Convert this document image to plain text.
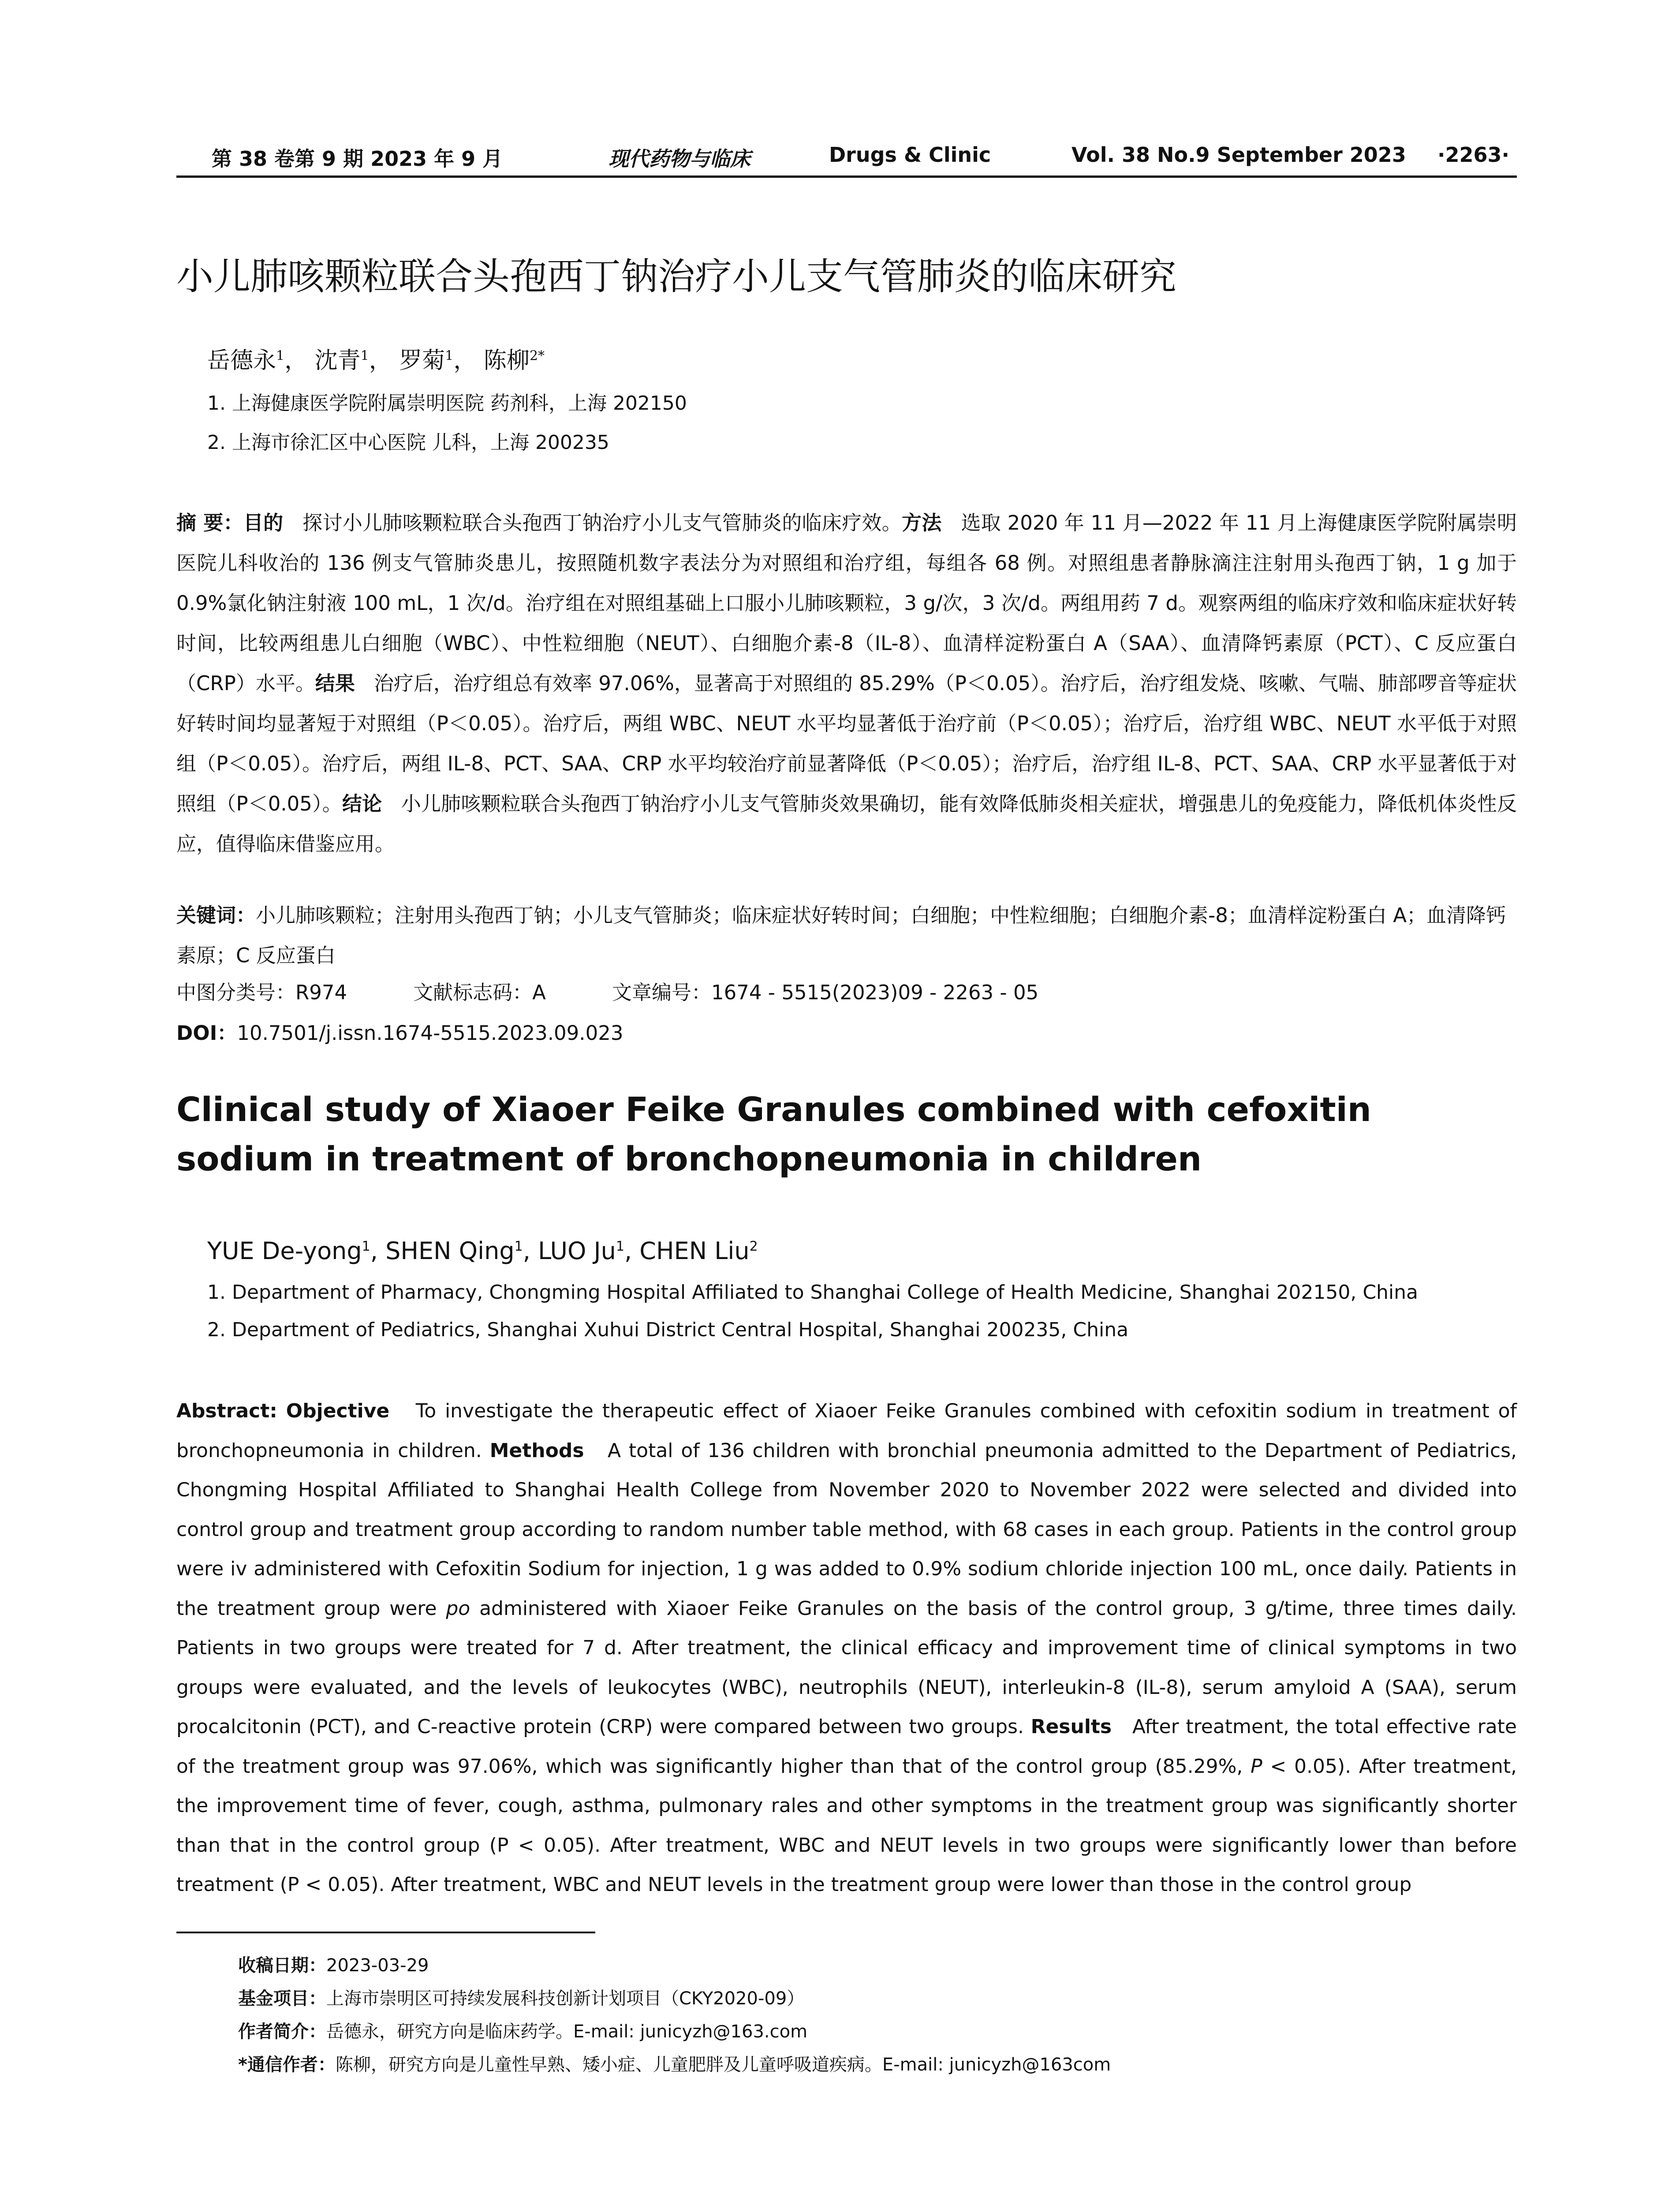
第 38 卷第 9 期 2023 年 9 月	现代药物与临床	Drugs & Clinic	Vol. 38 No.9 September 2023 ·2263·
小儿肺咳颗粒联合头孢西丁钠治疗小儿支气管肺炎的临床研究
岳德永$^1$， 沈青$^1$， 罗菊$^1$， 陈柳$^{2*}$
1. 上海健康医学院附属崇明医院 药剂科，上海 202150
2. 上海市徐汇区中心医院 儿科，上海 200235
摘 要：目的 探讨小儿肺咳颗粒联合头孢西丁钠治疗小儿支气管肺炎的临床疗效。方法 选取 2020 年 11 月—2022 年 11 月上海健康医学院附属崇明医院儿科收治的 136 例支气管肺炎患儿，按照随机数字表法分为对照组和治疗组，每组各 68 例。对照组患者静脉滴注注射用头孢西丁钠，1 g 加于 0.9%氯化钠注射液 100 mL，1 次/d。治疗组在对照组基础上口服小儿肺咳颗粒，3 g/次，3 次/d。两组用药 7 d。观察两组的临床疗效和临床症状好转时间，比较两组患儿白细胞（WBC）、中性粒细胞（NEUT）、白细胞介素-8（IL-8）、血清样淀粉蛋白 A（SAA）、血清降钙素原（PCT）、C 反应蛋白（CRP）水平。结果 治疗后，治疗组总有效率 97.06%，显著高于对照组的 85.29%（P＜0.05）。治疗后，治疗组发烧、咳嗽、气喘、肺部啰音等症状好转时间均显著短于对照组（P＜0.05）。治疗后，两组 WBC、NEUT 水平均显著低于治疗前（P＜0.05）；治疗后，治疗组 WBC、NEUT 水平低于对照组（P＜0.05）。治疗后，两组 IL-8、PCT、SAA、CRP 水平均较治疗前显著降低（P＜0.05）；治疗后，治疗组 IL-8、PCT、SAA、CRP 水平显著低于对照组（P＜0.05）。结论 小儿肺咳颗粒联合头孢西丁钠治疗小儿支气管肺炎效果确切，能有效降低肺炎相关症状，增强患儿的免疫能力，降低机体炎性反应，值得临床借鉴应用。
关键词：小儿肺咳颗粒；注射用头孢西丁钠；小儿支气管肺炎；临床症状好转时间；白细胞；中性粒细胞；白细胞介素-8；血清样淀粉蛋白 A；血清降钙素原；C 反应蛋白
中图分类号：R974	文献标志码：A	文章编号：1674 - 5515(2023)09 - 2263 - 05
DOI：10.7501/j.issn.1674-5515.2023.09.023
Clinical study of Xiaoer Feike Granules combined with cefoxitin sodium in treatment of bronchopneumonia in children
YUE De-yong$^1$, SHEN Qing$^1$, LUO Ju$^1$, CHEN Liu$^2$
1. Department of Pharmacy, Chongming Hospital Affiliated to Shanghai College of Health Medicine, Shanghai 202150, China
2. Department of Pediatrics, Shanghai Xuhui District Central Hospital, Shanghai 200235, China
Abstract: Objective To investigate the therapeutic effect of Xiaoer Feike Granules combined with cefoxitin sodium in treatment of bronchopneumonia in children. Methods A total of 136 children with bronchial pneumonia admitted to the Department of Pediatrics, Chongming Hospital Affiliated to Shanghai Health College from November 2020 to November 2022 were selected and divided into control group and treatment group according to random number table method, with 68 cases in each group. Patients in the control group were iv administered with Cefoxitin Sodium for injection, 1 g was added to 0.9% sodium chloride injection 100 mL, once daily. Patients in the treatment group were po administered with Xiaoer Feike Granules on the basis of the control group, 3 g/time, three times daily. Patients in two groups were treated for 7 d. After treatment, the clinical efficacy and improvement time of clinical symptoms in two groups were evaluated, and the levels of leukocytes (WBC), neutrophils (NEUT), interleukin-8 (IL-8), serum amyloid A (SAA), serum procalcitonin (PCT), and C-reactive protein (CRP) were compared between two groups. Results After treatment, the total effective rate of the treatment group was 97.06%, which was significantly higher than that of the control group (85.29%, P < 0.05). After treatment, the improvement time of fever, cough, asthma, pulmonary rales and other symptoms in the treatment group was significantly shorter than that in the control group (P < 0.05). After treatment, WBC and NEUT levels in two groups were significantly lower than before treatment (P < 0.05). After treatment, WBC and NEUT levels in the treatment group were lower than those in the control group
收稿日期：2023-03-29
基金项目：上海市崇明区可持续发展科技创新计划项目（CKY2020-09）
作者简介：岳德永，研究方向是临床药学。E-mail: junicyzh@163.com
*通信作者：陈柳，研究方向是儿童性早熟、矮小症、儿童肥胖及儿童呼吸道疾病。E-mail: junicyzh@163com
